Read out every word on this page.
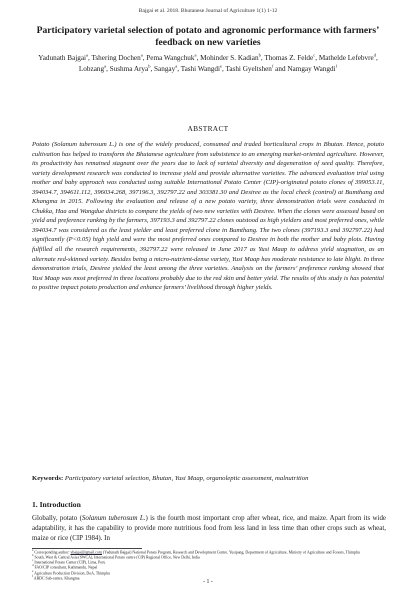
Bajgai et al. 2018. Bhutanese Journal of Agriculture 1(1) 1-12
Participatory varietal selection of potato and agronomic performance with farmers’ feedback on new varieties
Yadunath Bajgai$^a$, Tshering Dochen$^a$, Pema Wangchuk$^a$, Mohinder S. Kadian$^b$, Thomas Z. Felde$^c$, Mathelde Lefebvre$^d$, Lobzang$^a$, Sushma Arya$^b$, Sangay$^a$, Tashi Wangdi$^e$, Tashi Gyeltshen$^f$ and Namgay Wangdi$^f$
ABSTRACT
Potato (Solanum tuberosum L.) is one of the widely produced, consumed and traded horticultural crops in Bhutan. Hence, potato cultivation has helped to transform the Bhutanese agriculture from subsistence to an emerging market-oriented agriculture. However, its productivity has remained stagnant over the years due to lack of varietal diversity and degeneration of seed quality. Therefore, variety development research was conducted to increase yield and provide alternative varieties. The advanced evaluation trial using mother and baby approach was conducted using suitable International Potato Center (CIP)-originated potato clones of 399053.11, 394034.7, 394611.112, 396034.268, 397196.3, 392797.22 and 303381.30 and Desiree as the local check (control) at Bumthang and Khangma in 2015. Following the evaluation and release of a new potato variety, three demonstration trials were conducted in Chukka, Haa and Wangdue districts to compare the yields of two new varieties with Desiree. When the clones were assessed based on yield and preference ranking by the farmers, 397193.3 and 392797.22 clones outstood as high yielders and most preferred ones, while 394034.7 was considered as the least yielder and least preferred clone in Bumthang. The two clones (397193.3 and 392797.22) had significantly (P<0.05) high yield and were the most preferred ones compared to Desiree in both the mother and baby plots. Having fulfilled all the research requirements, 392797.22 were released in June 2017 as Yusi Maap to address yield stagnation, as an alternate red-skinned variety. Besides being a micro-nutrient-dense variety, Yusi Maap has moderate resistance to late blight. In three demonstration trials, Desiree yielded the least among the three varieties. Analysis on the farmers’ preference ranking showed that Yusi Maap was most preferred in three locations probably due to the red skin and better yield. The results of this study is has potential to positive impact potato production and enhance farmers’ livelihood through higher yields.
Keywords: Participatory varietal selection, Bhutan, Yusi Maap, organoleptic assessment, malnutrition
1. Introduction
Globally, potato (Solanum tuberosum L.) is the fourth most important crop after wheat, rice, and maize. Apart from its wide adaptability, it has the capability to provide more nutritious food from less land in less time than other crops such as wheat, maize or rice (CIP 1984). In
$^a$ Corresponding author: ybajgai@gmail.com (Yadunath Bajgai) National Potato Program, Research and Development Centre, Yusipang, Department of Agriculture, Ministry of Agriculture and Forests, Thimphu
$^b$ South, West & Central Asia (SWCA), International Potato centre (CIP) Regional Office, New Delhi, India
$^c$ International Potato Center (CIP), Lima, Peru
$^d$ FAO/CIP consultant, Kathmandu, Nepal
$^e$ Agriculture Production Division, DoA, Thimphu
$^f$ ARDC Sub-centre, Khangma
- 1 -
